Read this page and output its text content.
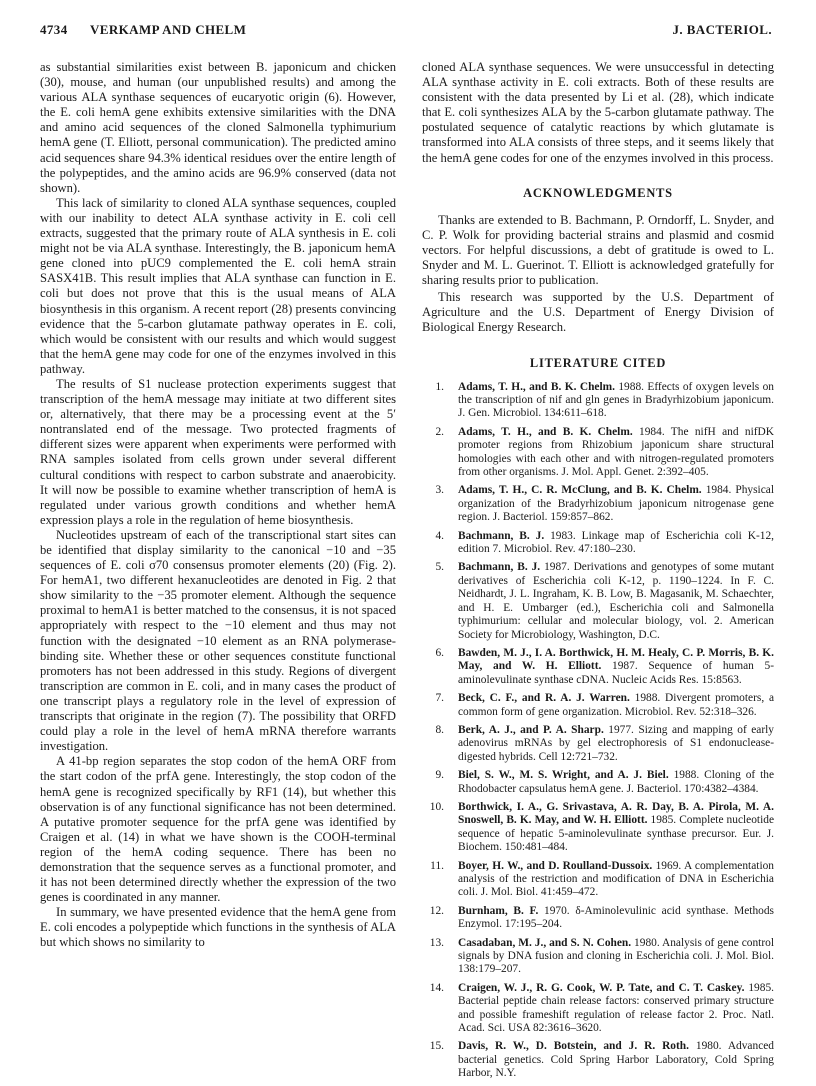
4734 VERKAMP AND CHELM	J. BACTERIOL.

as substantial similarities exist between B. japonicum and chicken (30), mouse, and human (our unpublished results) and among the various ALA synthase sequences of eucaryotic origin (6). However, the E. coli hemA gene exhibits extensive similarities with the DNA and amino acid sequences of the cloned Salmonella typhimurium hemA gene (T. Elliott, personal communication). The predicted amino acid sequences share 94.3% identical residues over the entire length of the polypeptides, and the amino acids are 96.9% conserved (data not shown).

This lack of similarity to cloned ALA synthase sequences, coupled with our inability to detect ALA synthase activity in E. coli cell extracts, suggested that the primary route of ALA synthesis in E. coli might not be via ALA synthase. Interestingly, the B. japonicum hemA gene cloned into pUC9 complemented the E. coli hemA strain SASX41B. This result implies that ALA synthase can function in E. coli but does not prove that this is the usual means of ALA biosynthesis in this organism. A recent report (28) presents convincing evidence that the 5-carbon glutamate pathway operates in E. coli, which would be consistent with our results and which would suggest that the hemA gene may code for one of the enzymes involved in this pathway.

The results of S1 nuclease protection experiments suggest that transcription of the hemA message may initiate at two different sites or, alternatively, that there may be a processing event at the 5′ nontranslated end of the message. Two protected fragments of different sizes were apparent when experiments were performed with RNA samples isolated from cells grown under several different cultural conditions with respect to carbon substrate and anaerobicity. It will now be possible to examine whether transcription of hemA is regulated under various growth conditions and whether hemA expression plays a role in the regulation of heme biosynthesis.

Nucleotides upstream of each of the transcriptional start sites can be identified that display similarity to the canonical −10 and −35 sequences of E. coli σ70 consensus promoter elements (20) (Fig. 2). For hemA1, two different hexanucleotides are denoted in Fig. 2 that show similarity to the −35 promoter element. Although the sequence proximal to hemA1 is better matched to the consensus, it is not spaced appropriately with respect to the −10 element and thus may not function with the designated −10 element as an RNA polymerase-binding site. Whether these or other sequences constitute functional promoters has not been addressed in this study. Regions of divergent transcription are common in E. coli, and in many cases the product of one transcript plays a regulatory role in the level of expression of transcripts that originate in the region (7). The possibility that ORFD could play a role in the level of hemA mRNA therefore warrants investigation.

A 41-bp region separates the stop codon of the hemA ORF from the start codon of the prfA gene. Interestingly, the stop codon of the hemA gene is recognized specifically by RF1 (14), but whether this observation is of any functional significance has not been determined. A putative promoter sequence for the prfA gene was identified by Craigen et al. (14) in what we have shown is the COOH-terminal region of the hemA coding sequence. There has been no demonstration that the sequence serves as a functional promoter, and it has not been determined directly whether the expression of the two genes is coordinated in any manner.

In summary, we have presented evidence that the hemA gene from E. coli encodes a polypeptide which functions in the synthesis of ALA but which shows no similarity to

cloned ALA synthase sequences. We were unsuccessful in detecting ALA synthase activity in E. coli extracts. Both of these results are consistent with the data presented by Li et al. (28), which indicate that E. coli synthesizes ALA by the 5-carbon glutamate pathway. The postulated sequence of catalytic reactions by which glutamate is transformed into ALA consists of three steps, and it seems likely that the hemA gene codes for one of the enzymes involved in this process.

ACKNOWLEDGMENTS

Thanks are extended to B. Bachmann, P. Orndorff, L. Snyder, and C. P. Wolk for providing bacterial strains and plasmid and cosmid vectors. For helpful discussions, a debt of gratitude is owed to L. Snyder and M. L. Guerinot. T. Elliott is acknowledged gratefully for sharing results prior to publication.

This research was supported by the U.S. Department of Agriculture and the U.S. Department of Energy Division of Biological Energy Research.

LITERATURE CITED
1. Adams, T. H., and B. K. Chelm. 1988. Effects of oxygen levels on the transcription of nif and gln genes in Bradyrhizobium japonicum. J. Gen. Microbiol. 134:611–618.
2. Adams, T. H., and B. K. Chelm. 1984. The nifH and nifDK promoter regions from Rhizobium japonicum share structural homologies with each other and with nitrogen-regulated promoters from other organisms. J. Mol. Appl. Genet. 2:392–405.
3. Adams, T. H., C. R. McClung, and B. K. Chelm. 1984. Physical organization of the Bradyrhizobium japonicum nitrogenase gene region. J. Bacteriol. 159:857–862.
4. Bachmann, B. J. 1983. Linkage map of Escherichia coli K-12, edition 7. Microbiol. Rev. 47:180–230.
5. Bachmann, B. J. 1987. Derivations and genotypes of some mutant derivatives of Escherichia coli K-12, p. 1190–1224. In F. C. Neidhardt, J. L. Ingraham, K. B. Low, B. Magasanik, M. Schaechter, and H. E. Umbarger (ed.), Escherichia coli and Salmonella typhimurium: cellular and molecular biology, vol. 2. American Society for Microbiology, Washington, D.C.
6. Bawden, M. J., I. A. Borthwick, H. M. Healy, C. P. Morris, B. K. May, and W. H. Elliott. 1987. Sequence of human 5-aminolevulinate synthase cDNA. Nucleic Acids Res. 15:8563.
7. Beck, C. F., and R. A. J. Warren. 1988. Divergent promoters, a common form of gene organization. Microbiol. Rev. 52:318–326.
8. Berk, A. J., and P. A. Sharp. 1977. Sizing and mapping of early adenovirus mRNAs by gel electrophoresis of S1 endonuclease-digested hybrids. Cell 12:721–732.
9. Biel, S. W., M. S. Wright, and A. J. Biel. 1988. Cloning of the Rhodobacter capsulatus hemA gene. J. Bacteriol. 170:4382–4384.
10. Borthwick, I. A., G. Srivastava, A. R. Day, B. A. Pirola, M. A. Snoswell, B. K. May, and W. H. Elliott. 1985. Complete nucleotide sequence of hepatic 5-aminolevulinate synthase precursor. Eur. J. Biochem. 150:481–484.
11. Boyer, H. W., and D. Roulland-Dussoix. 1969. A complementation analysis of the restriction and modification of DNA in Escherichia coli. J. Mol. Biol. 41:459–472.
12. Burnham, B. F. 1970. δ-Aminolevulinic acid synthase. Methods Enzymol. 17:195–204.
13. Casadaban, M. J., and S. N. Cohen. 1980. Analysis of gene control signals by DNA fusion and cloning in Escherichia coli. J. Mol. Biol. 138:179–207.
14. Craigen, W. J., R. G. Cook, W. P. Tate, and C. T. Caskey. 1985. Bacterial peptide chain release factors: conserved primary structure and possible frameshift regulation of release factor 2. Proc. Natl. Acad. Sci. USA 82:3616–3620.
15. Davis, R. W., D. Botstein, and J. R. Roth. 1980. Advanced bacterial genetics. Cold Spring Harbor Laboratory, Cold Spring Harbor, N.Y.
